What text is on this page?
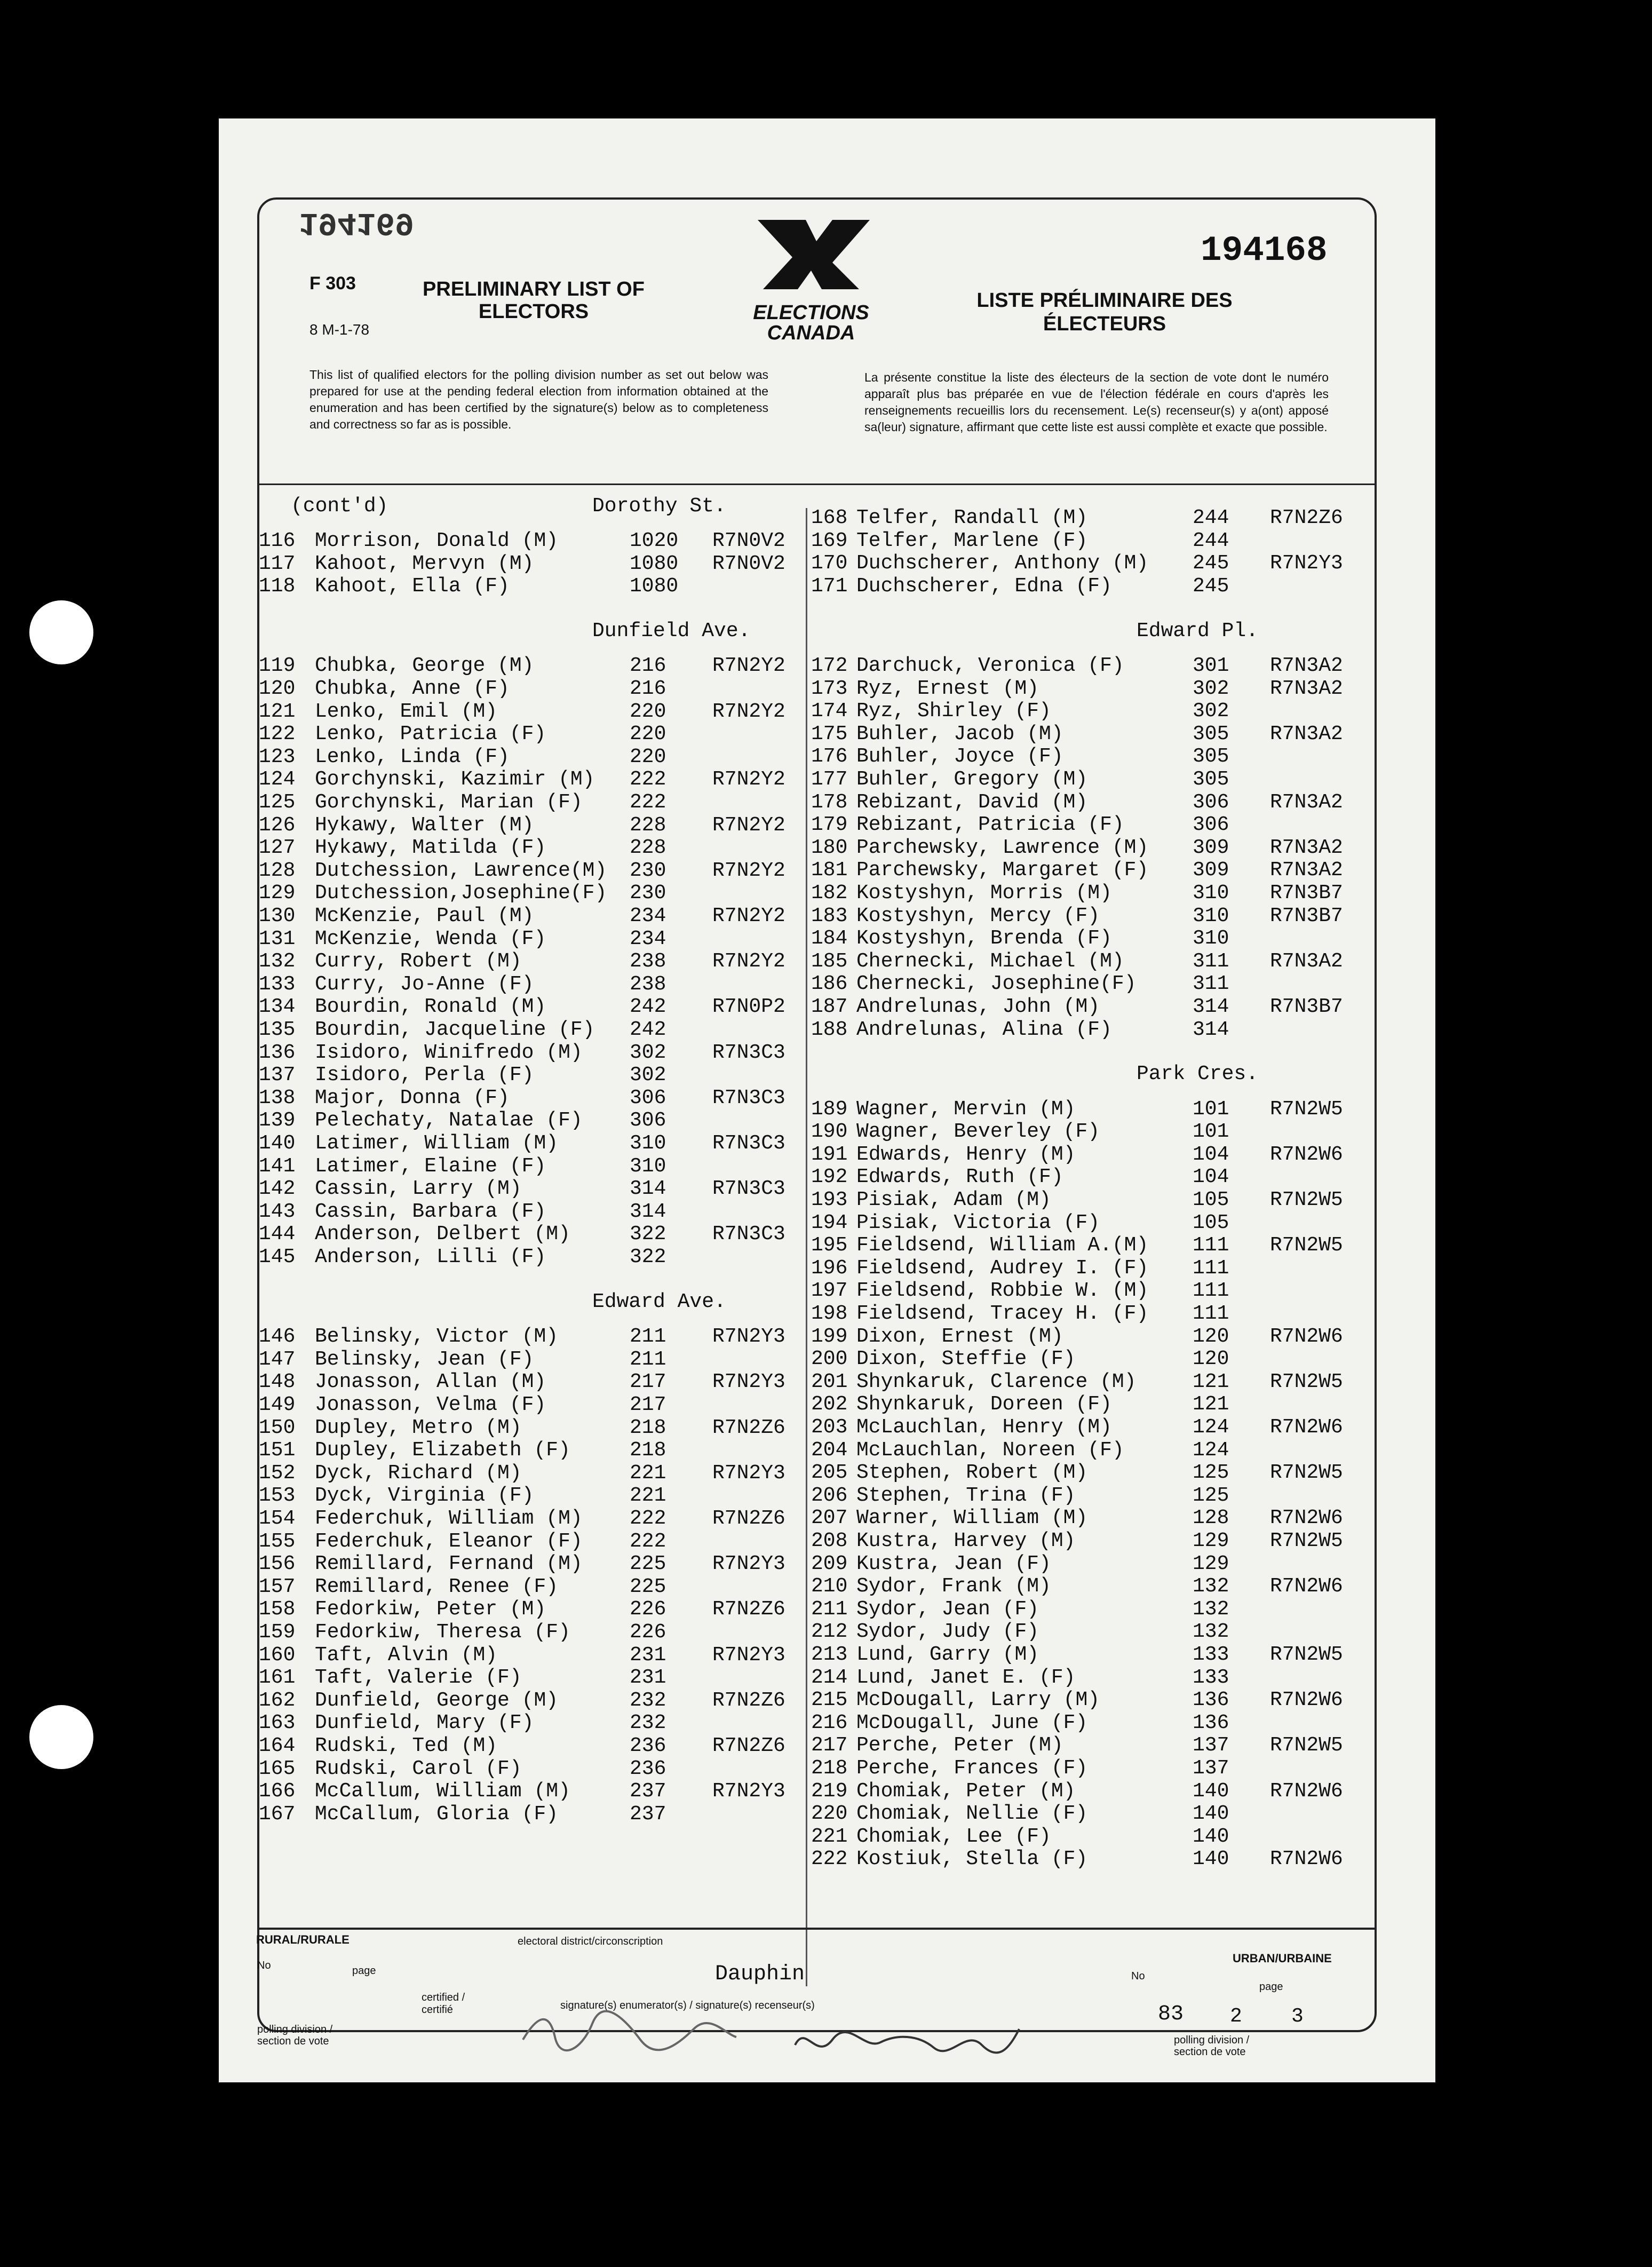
194169
F 303
8 M-1-78
PRELIMINARY LIST OF ELECTORS	ELECTIONS CANADA
194168
LISTE PRÉLIMINAIRE DES ÉLECTEURS
This list of qualified electors for the polling division number as set out below was prepared for use at the pending federal election from information obtained at the enumeration and has been certified by the signature(s) below as to completeness and correctness so far as is possible.
La présente constitue la liste des électeurs de la section de vote dont le numéro apparaît plus bas préparée en vue de l'élection fédérale en cours d'après les renseignements recueillis lors du recensement. Le(s) recenseur(s) y a(ont) apposé sa(leur) signature, affirmant que cette liste est aussi complète et exacte que possible.
(cont'd)	Dorothy St.
116 Morrison, Donald (M)	1020 R7N0V2
117 Kahoot, Mervyn (M)	1080 R7N0V2
118 Kahoot, Ella (F)	1080
Dunfield Ave.
119 Chubka, George (M)	216 R7N2Y2
120 Chubka, Anne (F)	216
121 Lenko, Emil (M)	220 R7N2Y2
122 Lenko, Patricia (F)	220
123 Lenko, Linda (F)	220
124 Gorchynski, Kazimir (M) 222 R7N2Y2
125 Gorchynski, Marian (F) 222
126 Hykawy, Walter (M)	228 R7N2Y2
127 Hykawy, Matilda (F)	228
128 Dutchession, Lawrence(M) 230 R7N2Y2
129 Dutchession,Josephine(F) 230
130 McKenzie, Paul (M)	234 R7N2Y2
131 McKenzie, Wenda (F)	234
132 Curry, Robert (M)	238 R7N2Y2
133 Curry, Jo-Anne (F)	238
134 Bourdin, Ronald (M)	242 R7N0P2
135 Bourdin, Jacqueline (F) 242
136 Isidoro, Winifredo (M) 302 R7N3C3
137 Isidoro, Perla (F)	302
138 Major, Donna (F)	306 R7N3C3
139 Pelechaty, Natalae (F) 306
140 Latimer, William (M)	310 R7N3C3
141 Latimer, Elaine (F)	310
142 Cassin, Larry (M)	314 R7N3C3
143 Cassin, Barbara (F)	314
144 Anderson, Delbert (M)	322 R7N3C3
145 Anderson, Lilli (F)	322
Edward Ave.
146 Belinsky, Victor (M)	211 R7N2Y3
147 Belinsky, Jean (F)	211
148 Jonasson, Allan (M)	217 R7N2Y3
149 Jonasson, Velma (F)	217
150 Dupley, Metro (M)	218 R7N2Z6
151 Dupley, Elizabeth (F)	218
152 Dyck, Richard (M)	221 R7N2Y3
153 Dyck, Virginia (F)	221
154 Federchuk, William (M) 222 R7N2Z6
155 Federchuk, Eleanor (F) 222
156 Remillard, Fernand (M) 225 R7N2Y3
157 Remillard, Renee (F)	225
158 Fedorkiw, Peter (M)	226 R7N2Z6
159 Fedorkiw, Theresa (F)	226
160 Taft, Alvin (M)	231 R7N2Y3
161 Taft, Valerie (F)	231
162 Dunfield, George (M)	232 R7N2Z6
163 Dunfield, Mary (F)	232
164 Rudski, Ted (M)	236 R7N2Z6
165 Rudski, Carol (F)	236
166 McCallum, William (M)	237 R7N2Y3
167 McCallum, Gloria (F)	237
168 Telfer, Randall (M)	244 R7N2Z6
169 Telfer, Marlene (F)	244
170 Duchscherer, Anthony (M) 245 R7N2Y3
171 Duchscherer, Edna (F)	245
Edward Pl.
172 Darchuck, Veronica (F)	301 R7N3A2
173 Ryz, Ernest (M)	302 R7N3A2
174 Ryz, Shirley (F)	302
175 Buhler, Jacob (M)	305 R7N3A2
176 Buhler, Joyce (F)	305
177 Buhler, Gregory (M)	305
178 Rebizant, David (M)	306 R7N3A2
179 Rebizant, Patricia (F)	306
180 Parchewsky, Lawrence (M) 309 R7N3A2
181 Parchewsky, Margaret (F) 309 R7N3A2
182 Kostyshyn, Morris (M)	310 R7N3B7
183 Kostyshyn, Mercy (F)	310 R7N3B7
184 Kostyshyn, Brenda (F)	310
185 Chernecki, Michael (M)	311 R7N3A2
186 Chernecki, Josephine(F)	311
187 Andrelunas, John (M)	314 R7N3B7
188 Andrelunas, Alina (F)	314
Park Cres.
189 Wagner, Mervin (M)	101 R7N2W5
190 Wagner, Beverley (F)	101
191 Edwards, Henry (M)	104 R7N2W6
192 Edwards, Ruth (F)	104
193 Pisiak, Adam (M)	105 R7N2W5
194 Pisiak, Victoria (F)	105
195 Fieldsend, William A.(M) 111 R7N2W5
196 Fieldsend, Audrey I. (F) 111
197 Fieldsend, Robbie W. (M) 111
198 Fieldsend, Tracey H. (F) 111
199 Dixon, Ernest (M)	120 R7N2W6
200 Dixon, Steffie (F)	120
201 Shynkaruk, Clarence (M)	121 R7N2W5
202 Shynkaruk, Doreen (F)	121
203 McLauchlan, Henry (M)	124 R7N2W6
204 McLauchlan, Noreen (F)	124
205 Stephen, Robert (M)	125 R7N2W5
206 Stephen, Trina (F)	125
207 Warner, William (M)	128 R7N2W6
208 Kustra, Harvey (M)	129 R7N2W5
209 Kustra, Jean (F)	129
210 Sydor, Frank (M)	132 R7N2W6
211 Sydor, Jean (F)	132
212 Sydor, Judy (F)	132
213 Lund, Garry (M)	133 R7N2W5
214 Lund, Janet E. (F)	133
215 McDougall, Larry (M)	136 R7N2W6
216 McDougall, June (F)	136
217 Perche, Peter (M)	137 R7N2W5
218 Perche, Frances (F)	137
219 Chomiak, Peter (M)	140 R7N2W6
220 Chomiak, Nellie (F)	140
221 Chomiak, Lee (F)	140
222 Kostiuk, Stella (F)	140 R7N2W6
RURAL/RURALE	electoral district/circonscription
URBAN/URBAINE
Dauphin
No	page
certified / certifié	signature(s) enumerator(s) / signature(s) recenseur(s)
polling division / section de vote
No
page
83 2 3
polling division / section de vote
